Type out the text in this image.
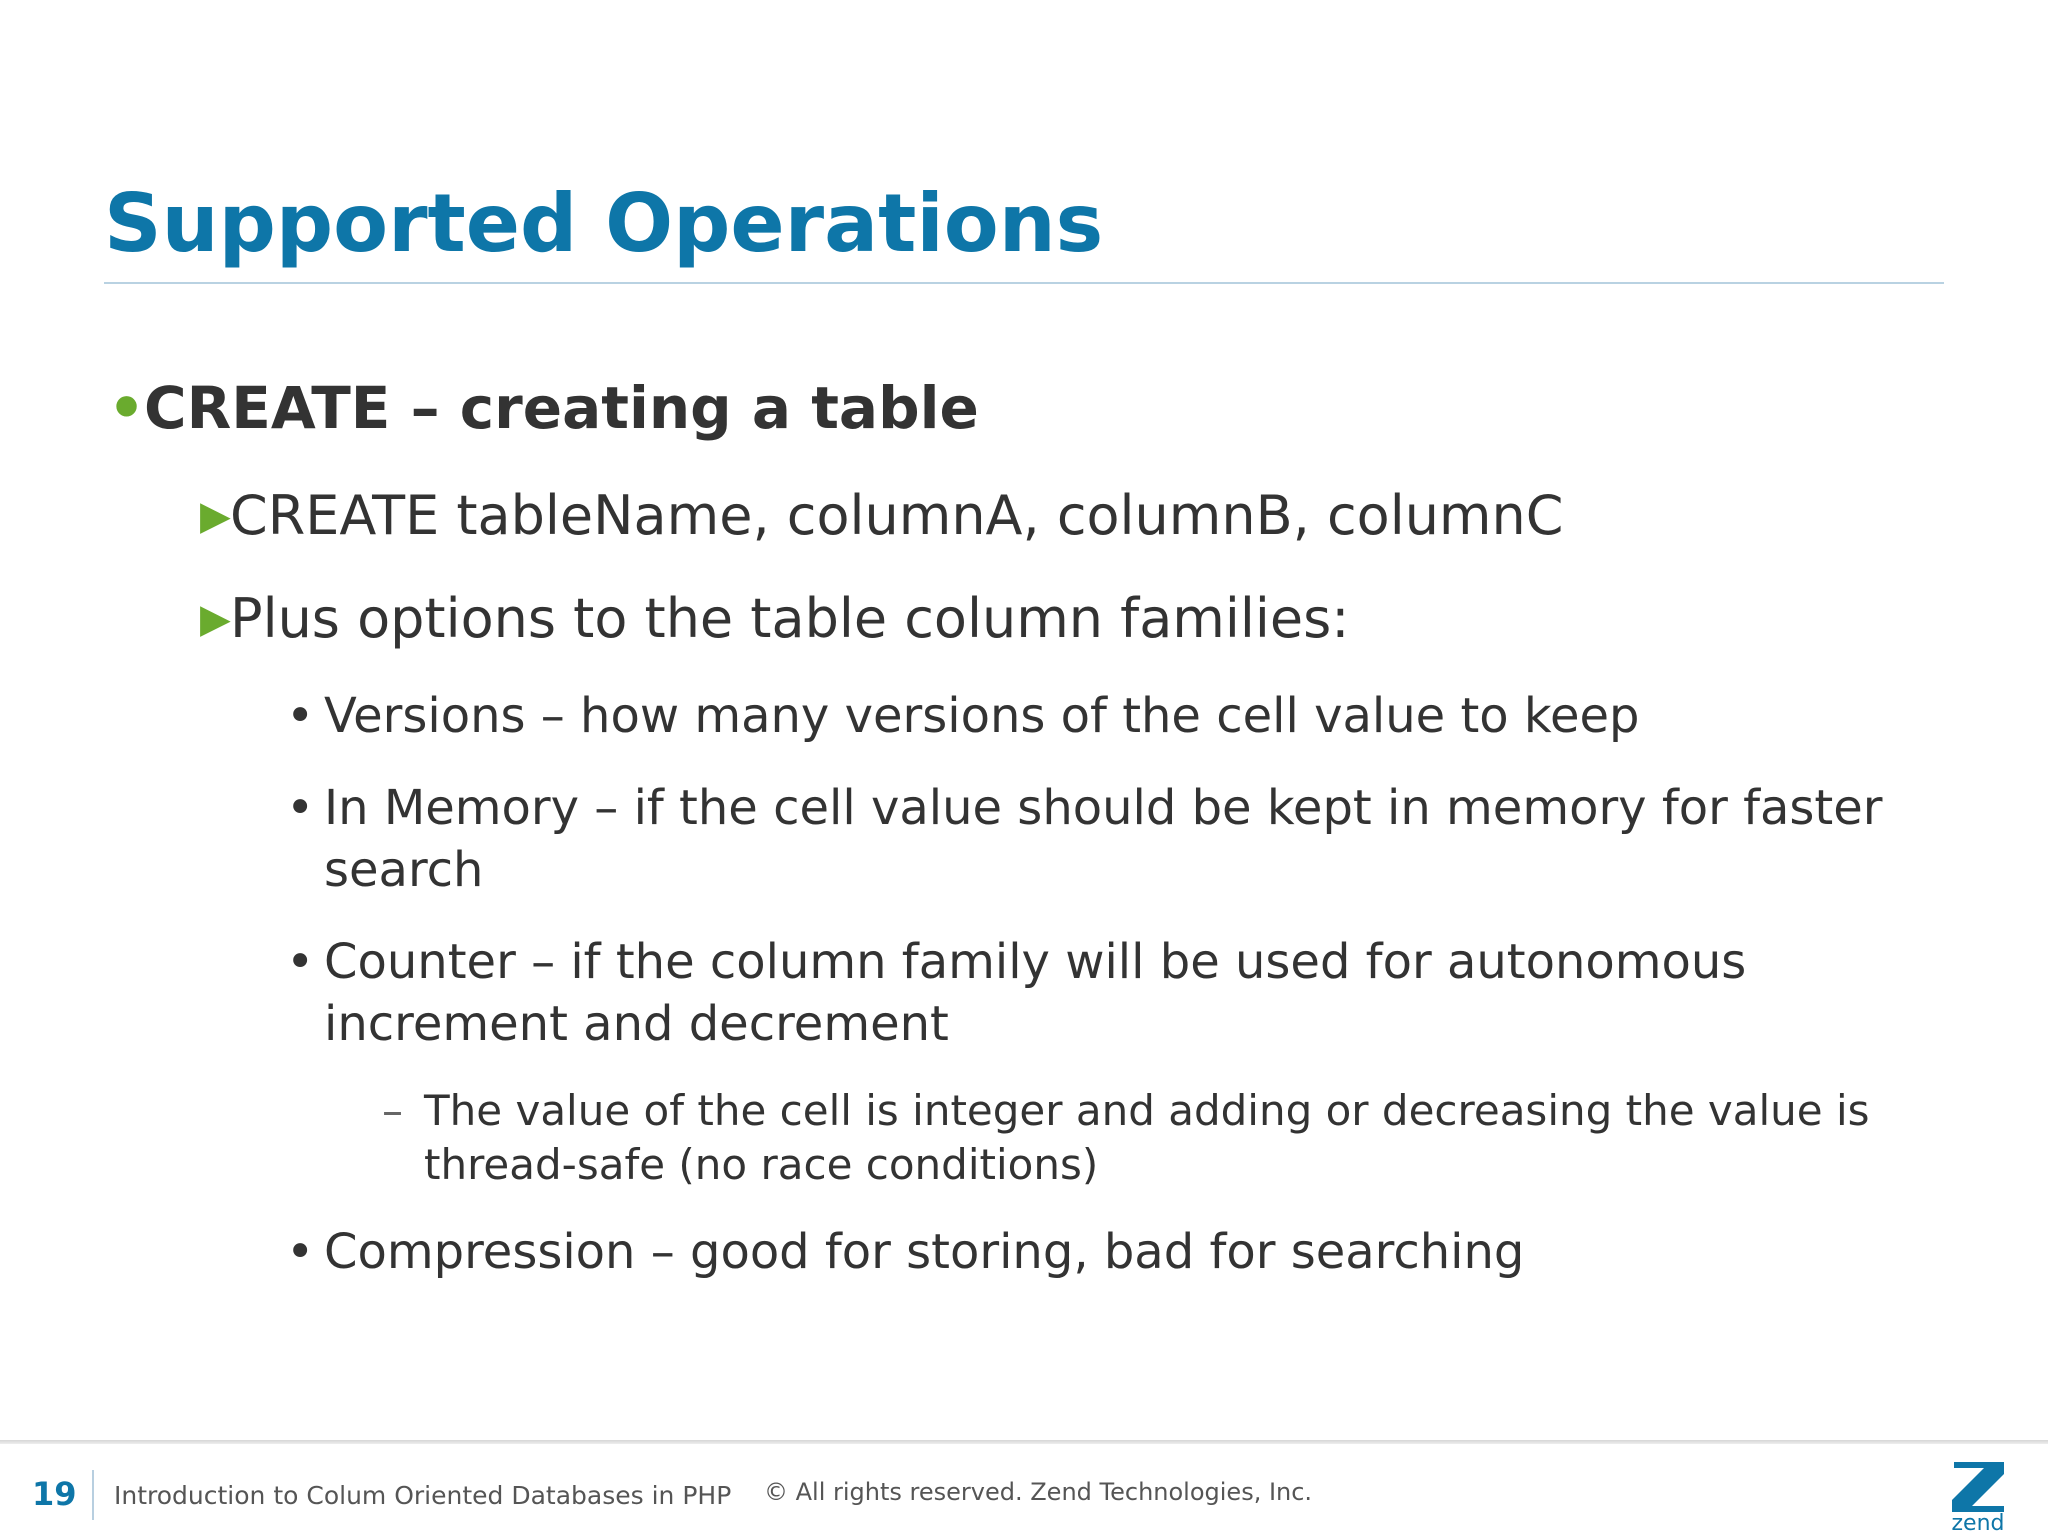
Supported Operations
•
CREATE – creating a table
▶ CREATE tableName, columnA, columnB, columnC
▶ Plus options to the table column families:
• Versions – how many versions of the cell value to keep
• In Memory – if the cell value should be kept in memory for faster
search
• Counter – if the column family will be used for autonomous
increment and decrement
– The value of the cell is integer and adding or decreasing the value is
thread-safe (no race conditions)
• Compression – good for storing, bad for searching
19 Introduction to Colum Oriented Databases in PHP © All rights reserved. Zend Technologies, Inc.
zend
